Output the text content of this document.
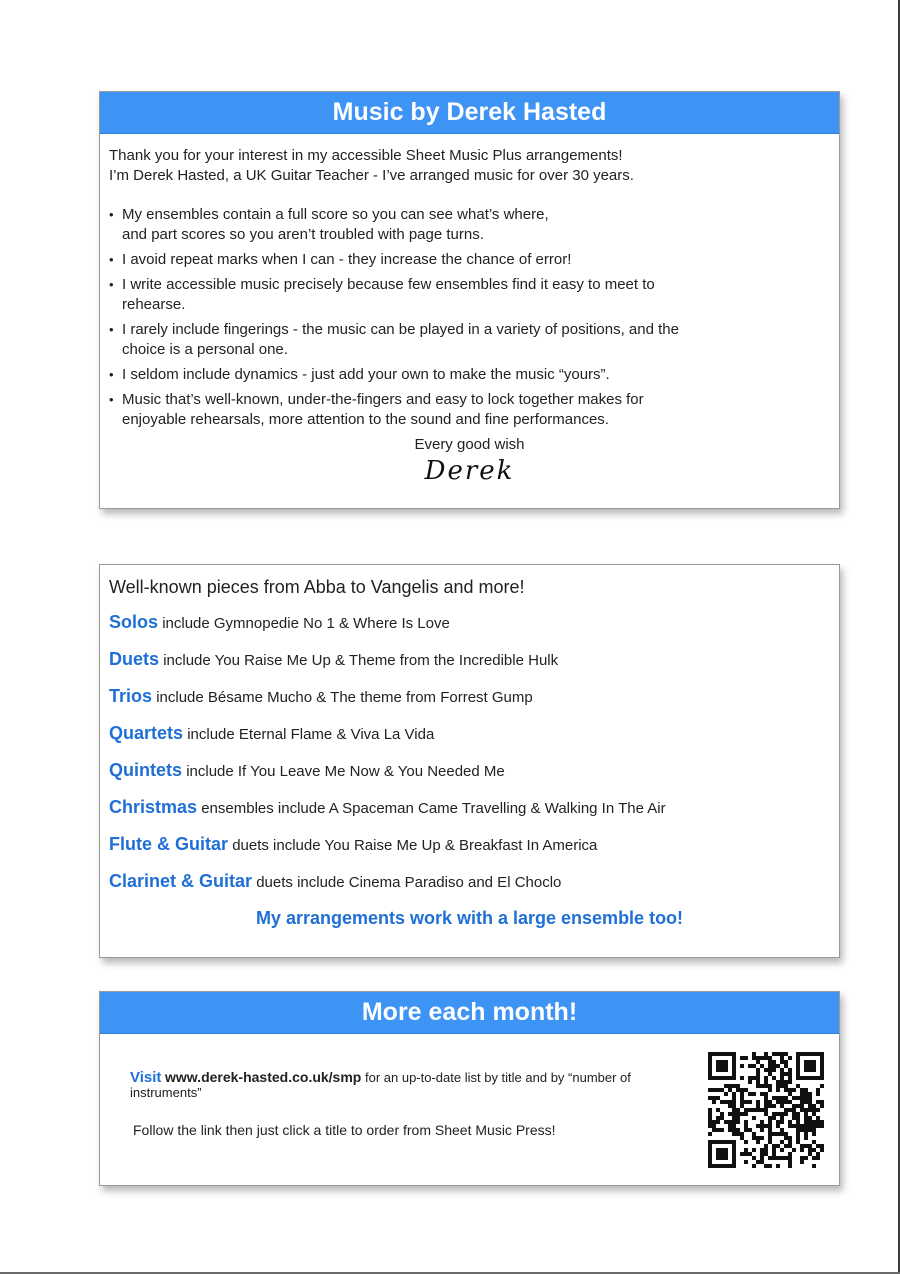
Music by Derek Hasted

Thank you for your interest in my accessible Sheet Music Plus arrangements!

I’m Derek Hasted, a UK Guitar Teacher - I’ve arranged music for over 30 years.

• My ensembles contain a full score so you can see what’s where,
and part scores so you aren’t troubled with page turns.
• I avoid repeat marks when I can - they increase the chance of error!
• I write accessible music precisely because few ensembles find it easy to meet to
rehearse.
• I rarely include fingerings - the music can be played in a variety of positions, and the
choice is a personal one.
• I seldom include dynamics - just add your own to make the music “yours”.
• Music that’s well-known, under-the-fingers and easy to lock together makes for
enjoyable rehearsals, more attention to the sound and fine performances.
Every good wish
Derek

Well-known pieces from Abba to Vangelis and more!

Solos include Gymnopedie No 1 & Where Is Love
Duets include You Raise Me Up & Theme from the Incredible Hulk
Trios include Bésame Mucho & The theme from Forrest Gump
Quartets include Eternal Flame & Viva La Vida
Quintets include If You Leave Me Now & You Needed Me
Christmas ensembles include A Spaceman Came Travelling & Walking In The Air
Flute & Guitar duets include You Raise Me Up & Breakfast In America
Clarinet & Guitar duets include Cinema Paradiso and El Choclo
My arrangements work with a large ensemble too!
More each month!
Visit www.derek-hasted.co.uk/smp for an up-to-date list by title and by “number of instruments”
Follow the link then just click a title to order from Sheet Music Press!
